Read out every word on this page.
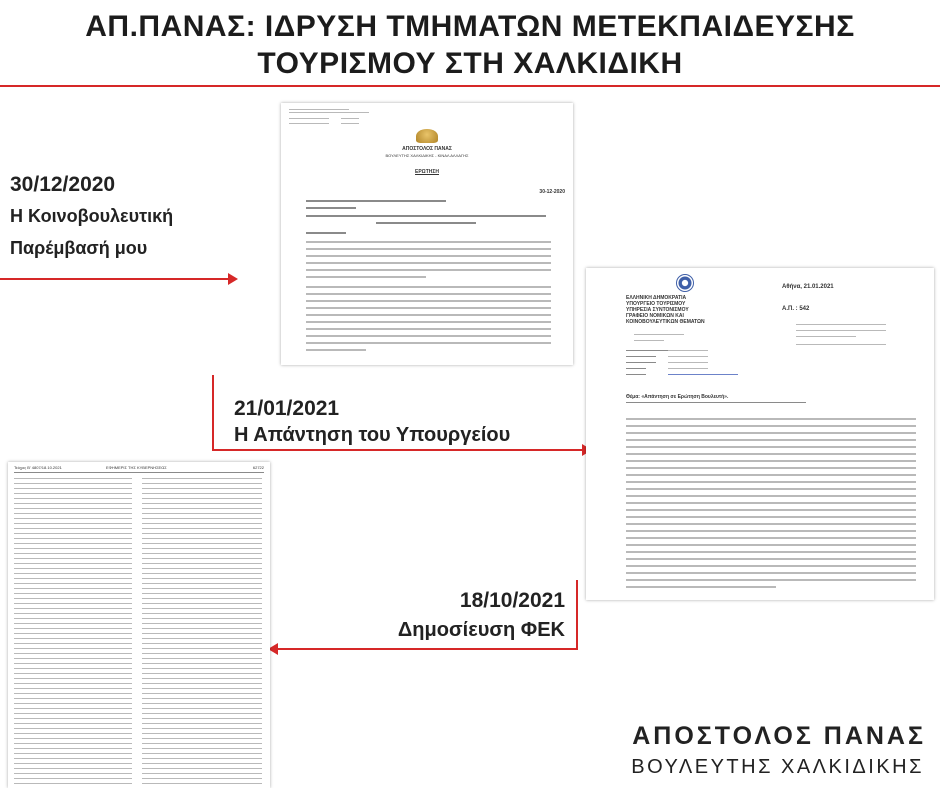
ΑΠ.ΠΑΝΑΣ: ΙΔΡΥΣΗ ΤΜΗΜΑΤΩΝ ΜΕΤΕΚΠΑΙΔΕΥΣΗΣ
ΤΟΥΡΙΣΜΟΥ ΣΤΗ ΧΑΛΚΙΔΙΚΗ
30/12/2020
Η Κοινοβουλευτική
Παρέμβασή μου
21/01/2021
Η Απάντηση του Υπουργείου
18/10/2021
Δημοσίευση ΦΕΚ
ΑΠΟΣΤΟΛΟΣ ΠΑΝΑΣ
ΒΟΥΛΕΥΤΗΣ ΧΑΛΚΙΔΙΚΗΣ - ΚΙΝΑΛ ΑΛΛΑΓΗΣ
ΕΡΩΤΗΣΗ
30-12-2020
ΕΛΛΗΝΙΚΗ ΔΗΜΟΚΡΑΤΙΑ
ΥΠΟΥΡΓΕΙΟ ΤΟΥΡΙΣΜΟΥ
ΥΠΗΡΕΣΙΑ ΣΥΝΤΟΝΙΣΜΟΥ
ΓΡΑΦΕΙΟ ΝΟΜΙΚΩΝ ΚΑΙ
ΚΟΙΝΟΒΟΥΛΕΥΤΙΚΩΝ ΘΕΜΑΤΩΝ
Αθήνα, 21.01.2021
Α.Π. : 542
Θέμα: «Απάντηση σε Ερώτηση Βουλευτή».
Τεύχος Β' 4807/18.10.2021	ΕΦΗΜΕΡΙΣ ΤΗΣ ΚΥΒΕΡΝΗΣΕΩΣ	62722
ΑΠΟΣΤΟΛΟΣ ΠΑΝΑΣ
ΒΟΥΛΕΥΤΗΣ ΧΑΛΚΙΔΙΚΗΣ
